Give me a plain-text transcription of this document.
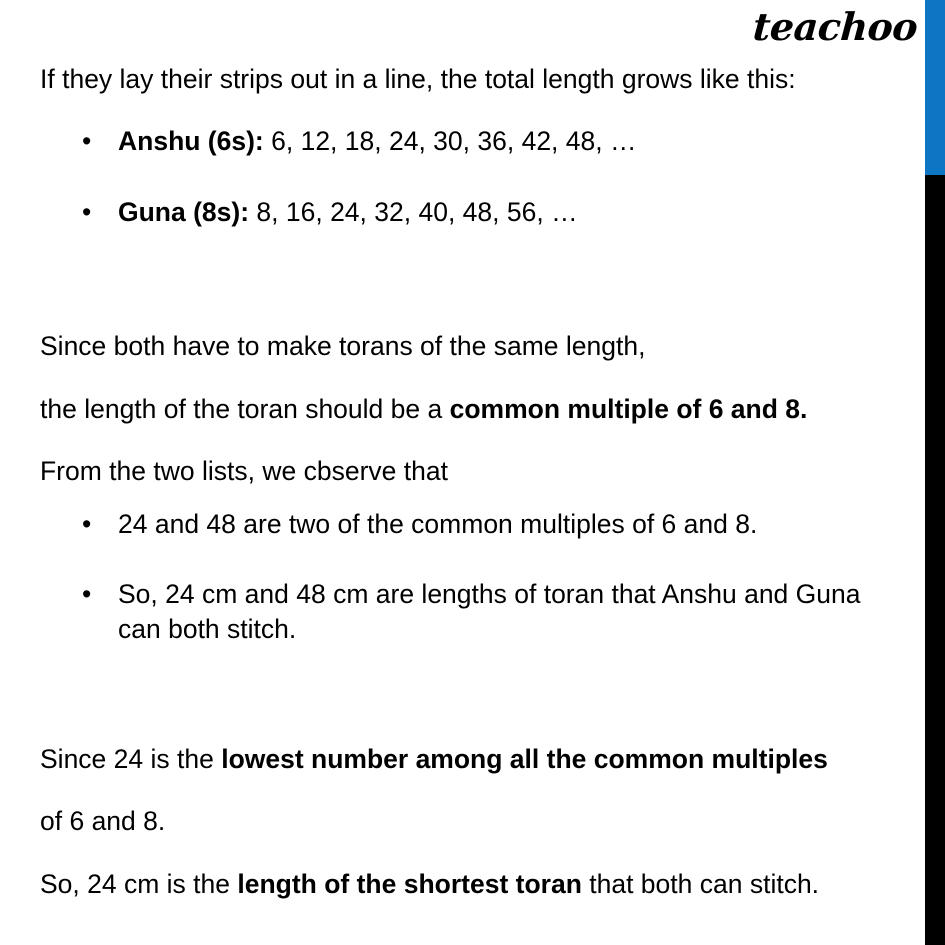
teachoo

If they lay their strips out in a line, the total length grows like this:

• Anshu (6s): 6, 12, 18, 24, 30, 36, 42, 48, …
• Guna (8s): 8, 16, 24, 32, 40, 48, 56, …

Since both have to make torans of the same length,

the length of the toran should be a common multiple of 6 and 8.

From the two lists, we cbserve that

• 24 and 48 are two of the common multiples of 6 and 8.
• So, 24 cm and 48 cm are lengths of toran that Anshu and Guna can both stitch.

Since 24 is the lowest number among all the common multiples

of 6 and 8.

So, 24 cm is the length of the shortest toran that both can stitch.
